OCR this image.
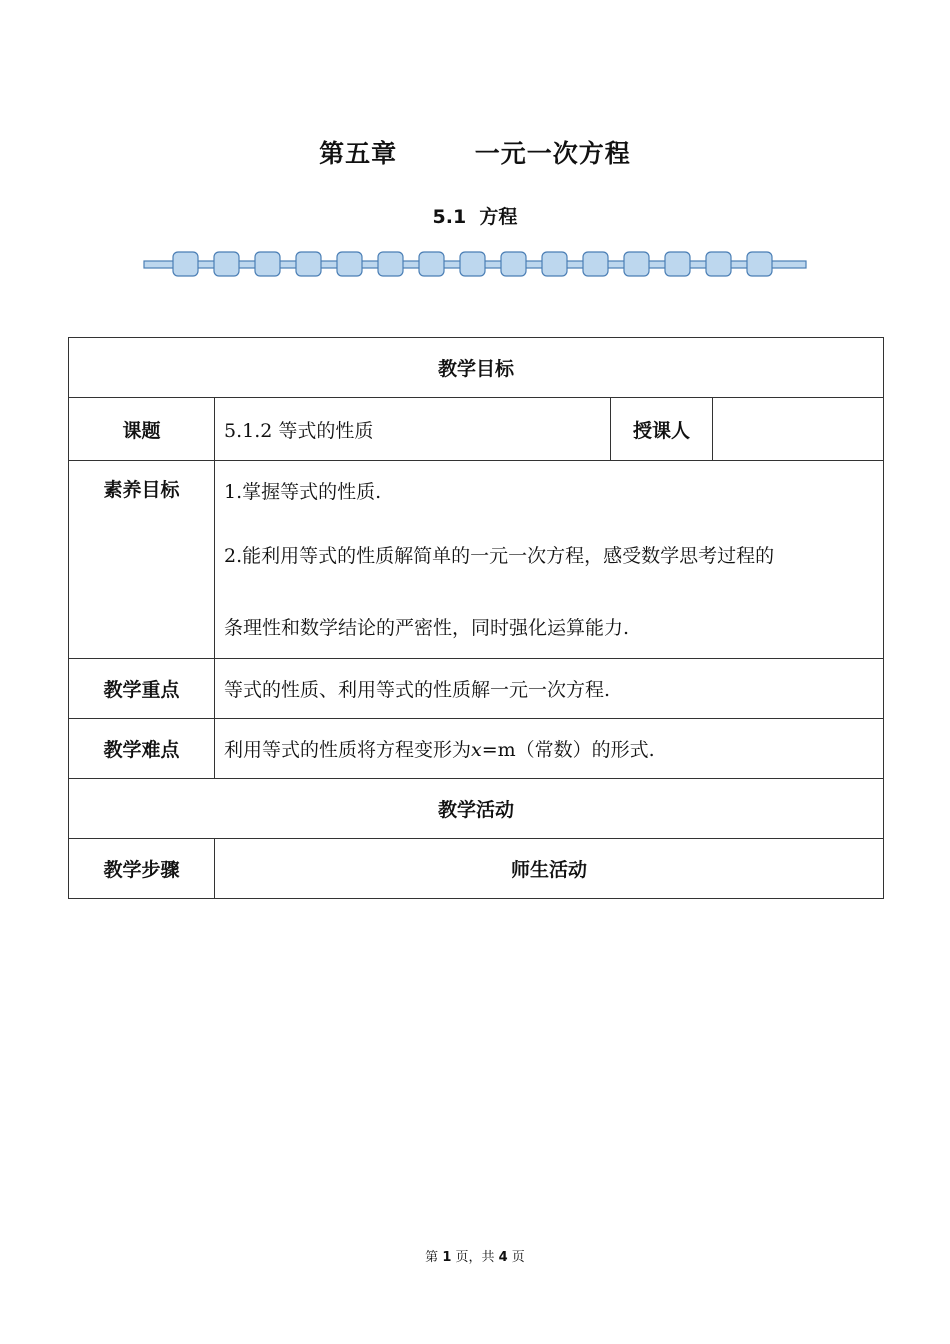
第五章        一元一次方程
5.1  方程
教学目标			
课题	5.1.2 等式的性质	授课人	
素养目标	1.掌握等式的性质.
2.能利用等式的性质解简单的一元一次方程，感受数学思考过程的
条理性和数学结论的严密性，同时强化运算能力.		

教学重点	等式的性质、利用等式的性质解一元一次方程.		
教学难点	利用等式的性质将方程变形为x=m（常数）的形式.		
教学活动			
教学步骤	师生活动		
第 1 页，共 4 页
